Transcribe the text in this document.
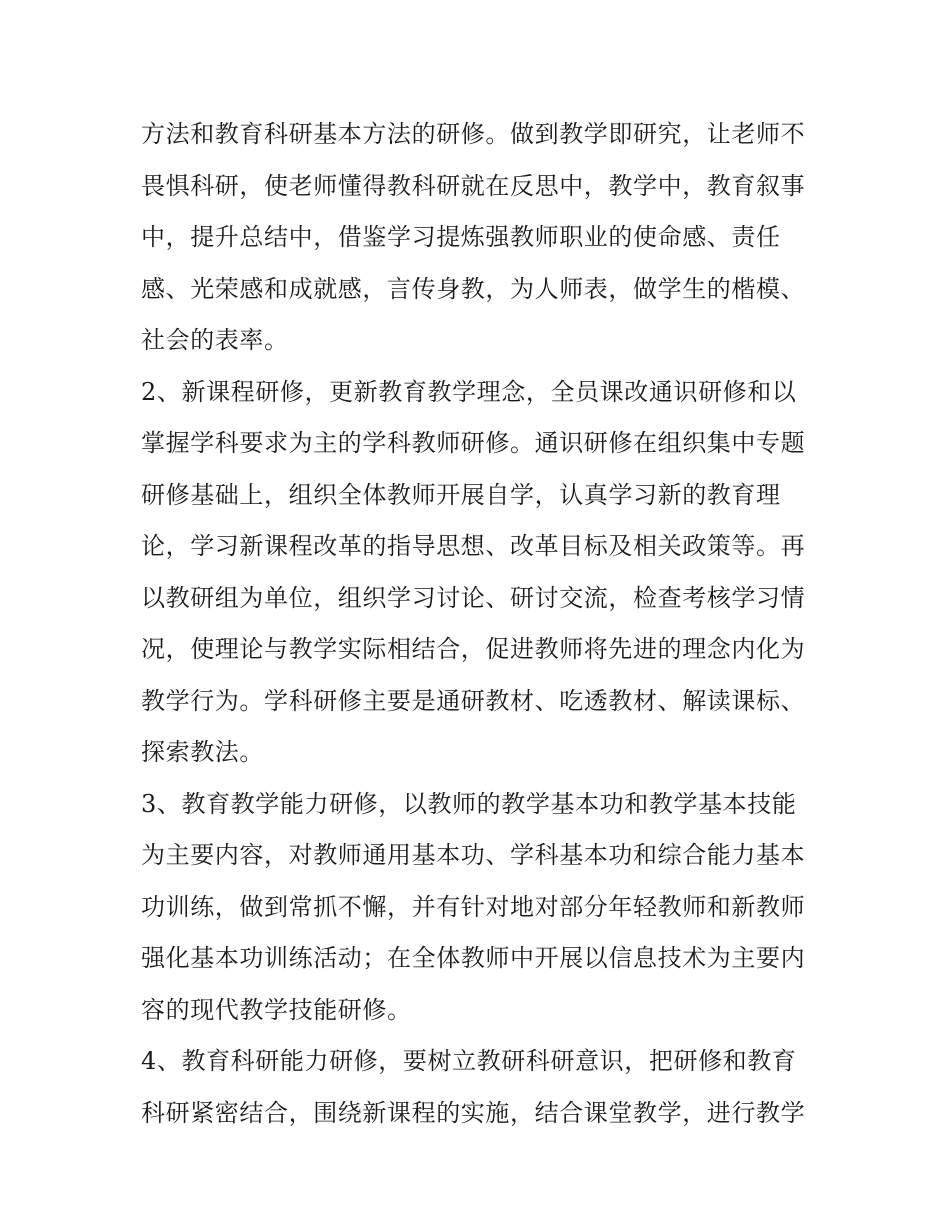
方法和教育科研基本方法的研修。做到教学即研究，让老师不
畏惧科研，使老师懂得教科研就在反思中，教学中，教育叙事
中，提升总结中，借鉴学习提炼强教师职业的使命感、责任
感、光荣感和成就感，言传身教，为人师表，做学生的楷模、
社会的表率。
2、新课程研修，更新教育教学理念，全员课改通识研修和以
掌握学科要求为主的学科教师研修。通识研修在组织集中专题
研修基础上，组织全体教师开展自学，认真学习新的教育理
论，学习新课程改革的指导思想、改革目标及相关政策等。再
以教研组为单位，组织学习讨论、研讨交流，检查考核学习情
况，使理论与教学实际相结合，促进教师将先进的理念内化为
教学行为。学科研修主要是通研教材、吃透教材、解读课标、
探索教法。
3、教育教学能力研修，以教师的教学基本功和教学基本技能
为主要内容，对教师通用基本功、学科基本功和综合能力基本
功训练，做到常抓不懈，并有针对地对部分年轻教师和新教师
强化基本功训练活动；在全体教师中开展以信息技术为主要内
容的现代教学技能研修。
4、教育科研能力研修，要树立教研科研意识，把研修和教育
科研紧密结合，围绕新课程的实施，结合课堂教学，进行教学
